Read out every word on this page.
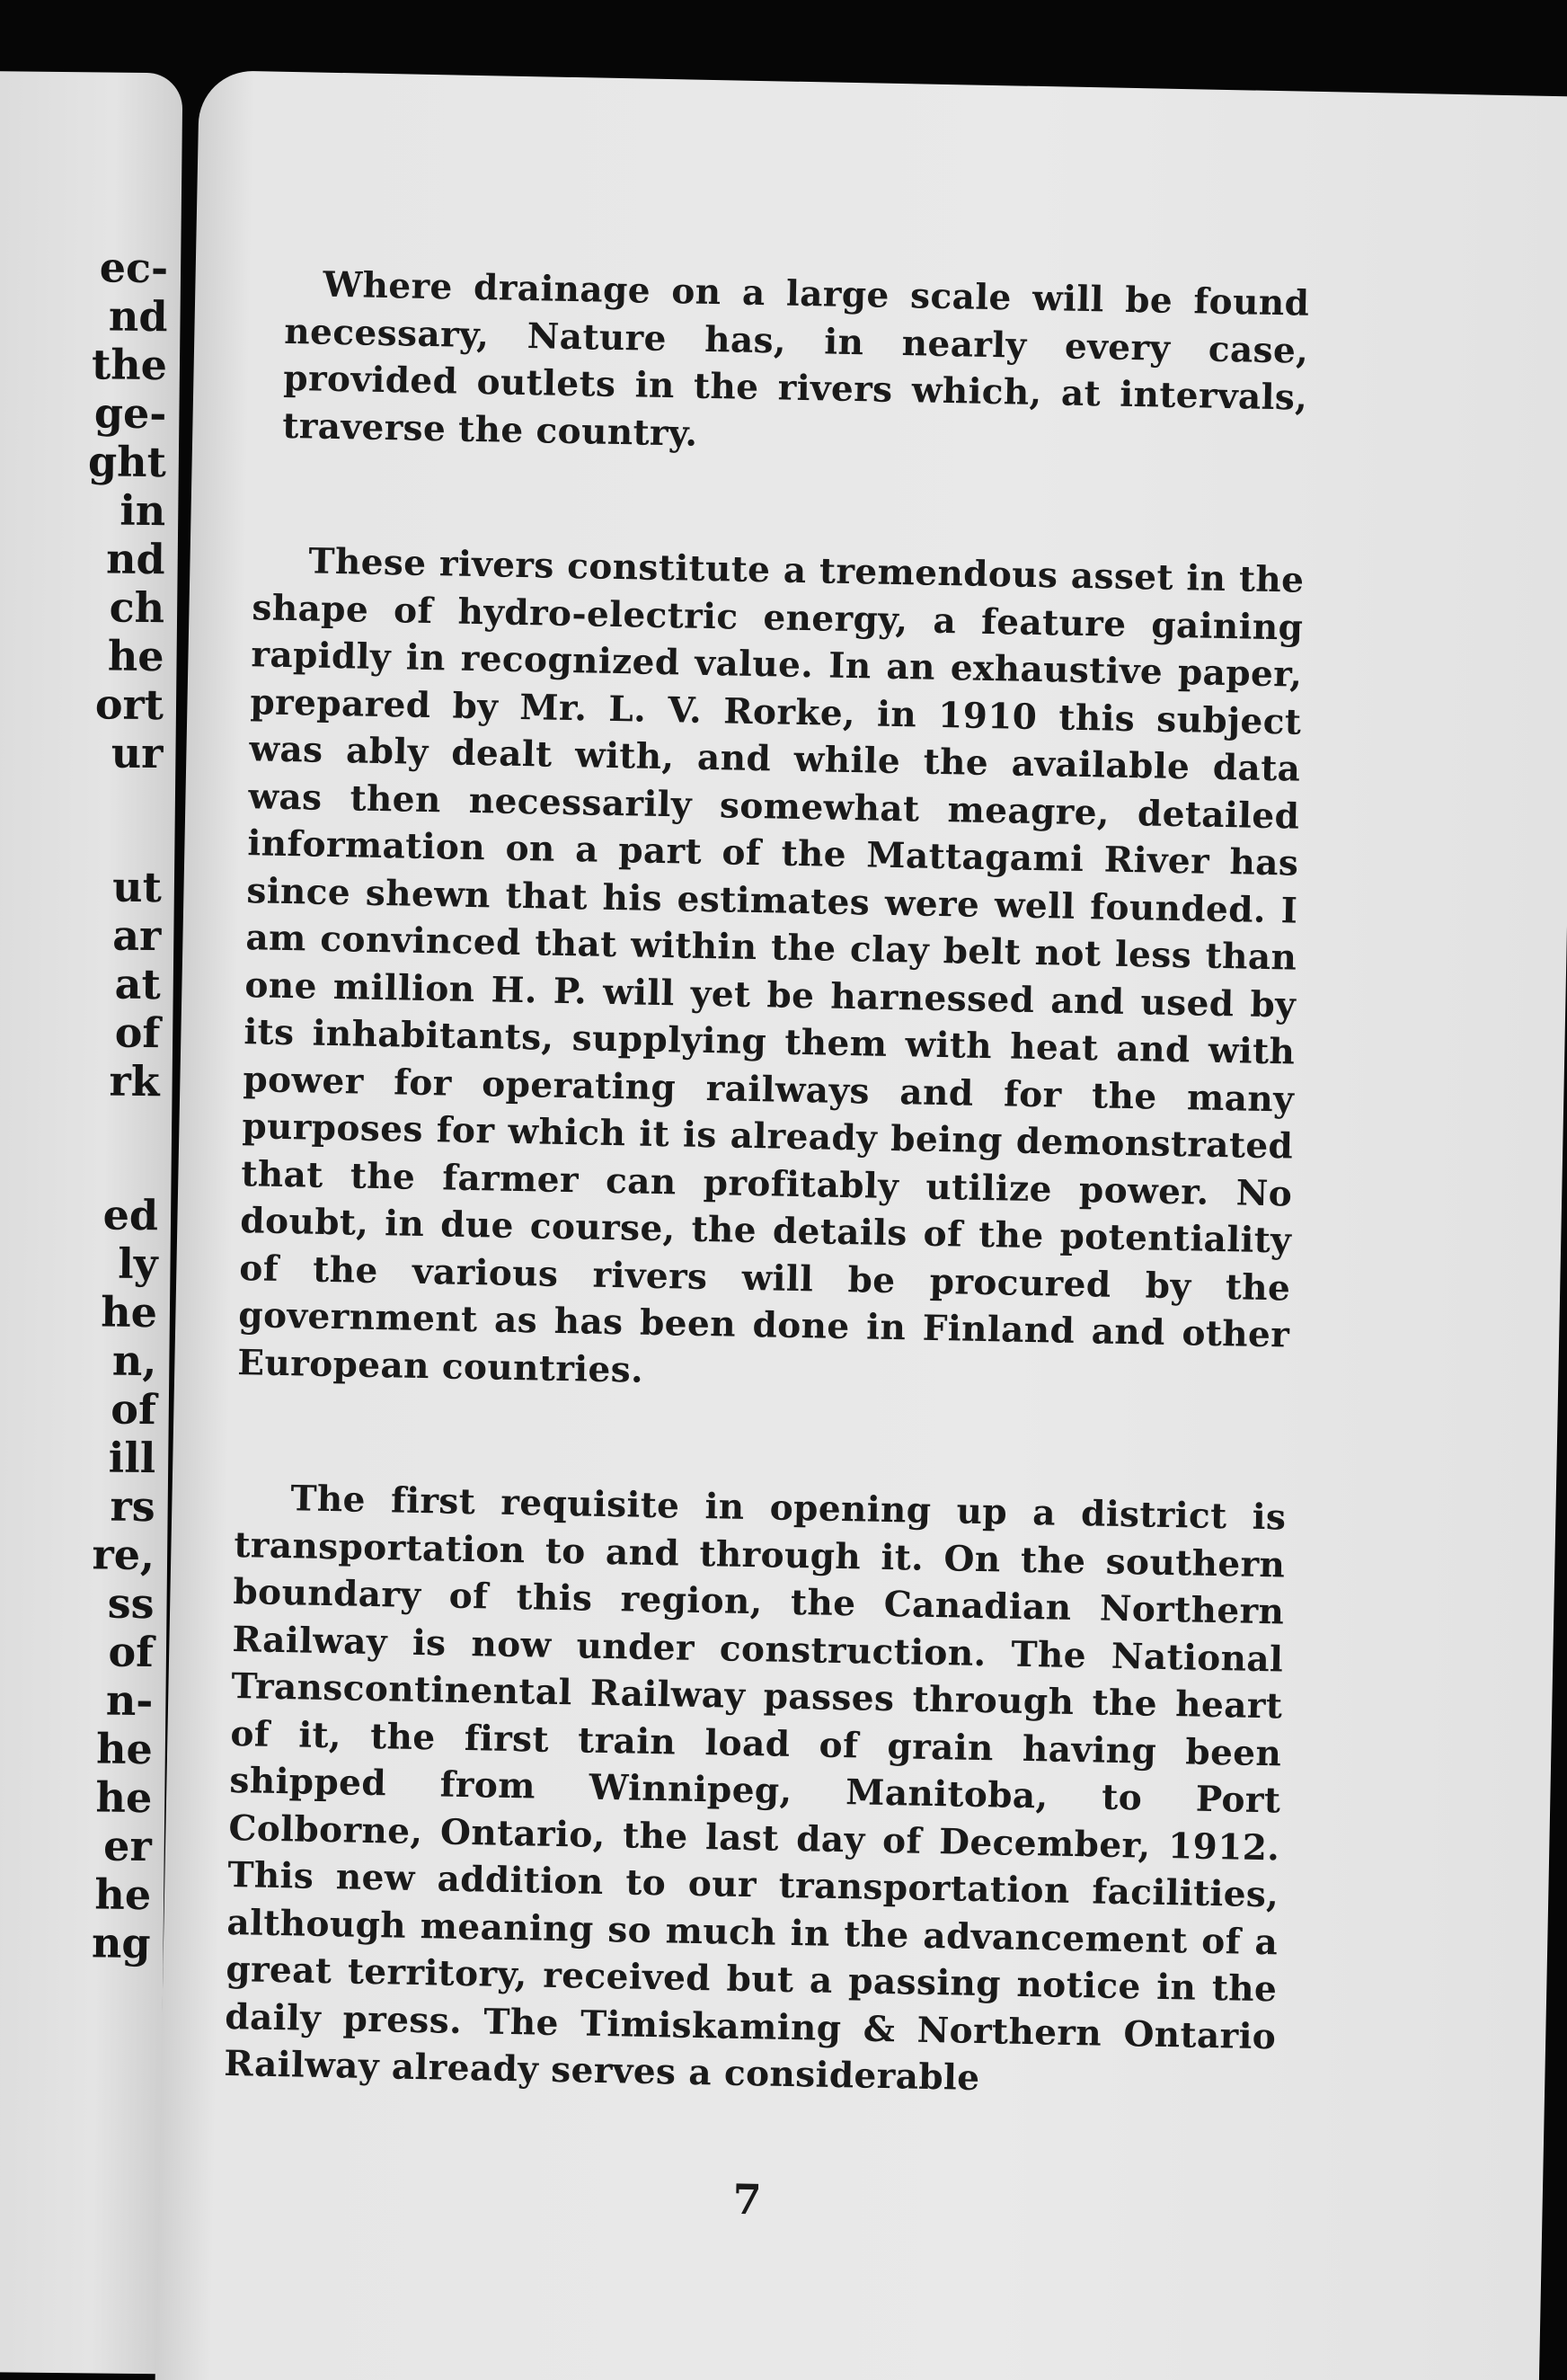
ec-
nd
the
ge-
ght
in
nd
ch
he
ort
ur
ut
ar
at
of
rk
ed
ly
he
n,
of
ill
rs
re,
ss
of
n-
he
he
er
he
ng

Where drainage on a large scale will be found necessary, Nature has, in nearly every case, provided outlets in the rivers which, at intervals, traverse the country.

These rivers constitute a tremendous asset in the shape of hydro-electric energy, a feature gaining rapidly in recognized value. In an exhaustive paper, prepared by Mr. L. V. Rorke, in 1910 this subject was ably dealt with, and while the available data was then necessarily somewhat meagre, detailed information on a part of the Mattagami River has since shewn that his estimates were well founded. I am convinced that within the clay belt not less than one million H. P. will yet be harnessed and used by its inhabitants, supplying them with heat and with power for operating railways and for the many purposes for which it is already being demonstrated that the farmer can profitably utilize power. No doubt, in due course, the details of the potentiality of the various rivers will be procured by the government as has been done in Finland and other European countries.

The first requisite in opening up a district is transportation to and through it. On the southern boundary of this region, the Canadian Northern Railway is now under construction. The National Transcontinental Railway passes through the heart of it, the first train load of grain having been shipped from Winnipeg, Manitoba, to Port Colborne, Ontario, the last day of December, 1912. This new addition to our transportation facilities, although meaning so much in the advancement of a great territory, received but a passing notice in the daily press. The Timiskaming & Northern Ontario Railway already serves a considerable

7
